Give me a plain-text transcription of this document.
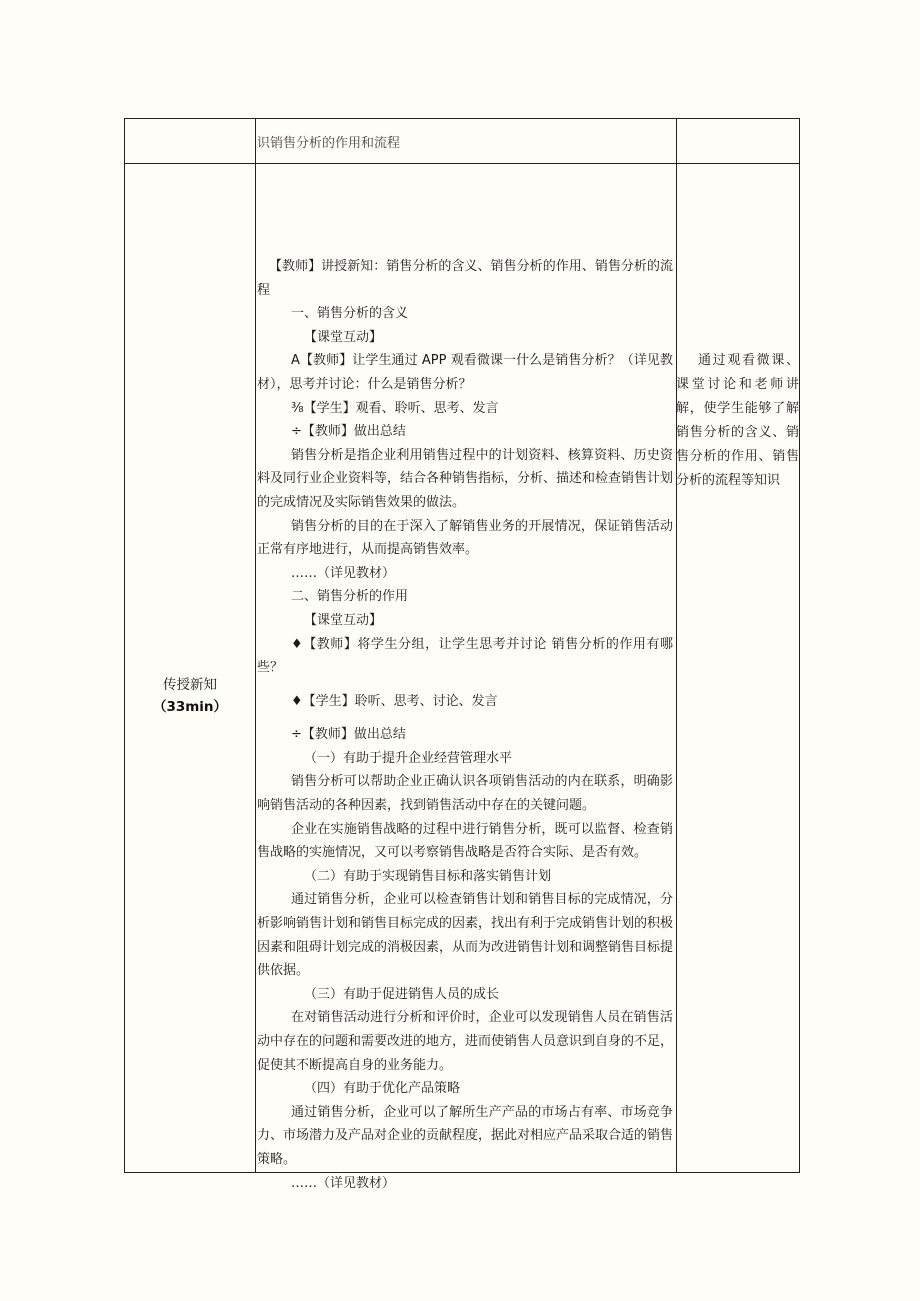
识销售分析的作用和流程
传授新知
（33min）

【教师】讲授新知：销售分析的含义、销售分析的作用、销售分析的流程

一、销售分析的含义

【课堂互动】

A【教师】让学生通过 APP 观看微课一什么是销售分析？（详见教材），思考并讨论：什么是销售分析？

⅜【学生】观看、聆听、思考、发言

÷【教师】做出总结

销售分析是指企业利用销售过程中的计划资料、核算资料、历史资料及同行业企业资料等，结合各种销售指标，分析、描述和检查销售计划的完成情况及实际销售效果的做法。

销售分析的目的在于深入了解销售业务的开展情况，保证销售活动正常有序地进行，从而提高销售效率。

……（详见教材）

二、销售分析的作用

【课堂互动】

♦【教师】将学生分组，让学生思考并讨论 销售分析的作用有哪些？

♦【学生】聆听、思考、讨论、发言

÷【教师】做出总结

（一）有助于提升企业经营管理水平

销售分析可以帮助企业正确认识各项销售活动的内在联系，明确影响销售活动的各种因素，找到销售活动中存在的关键问题。

企业在实施销售战略的过程中进行销售分析，既可以监督、检查销售战略的实施情况，又可以考察销售战略是否符合实际、是否有效。

（二）有助于实现销售目标和落实销售计划

通过销售分析，企业可以检查销售计划和销售目标的完成情况，分析影响销售计划和销售目标完成的因素，找出有利于完成销售计划的积极因素和阻碍计划完成的消极因素，从而为改进销售计划和调整销售目标提供依据。

（三）有助于促进销售人员的成长

在对销售活动进行分析和评价时，企业可以发现销售人员在销售活动中存在的问题和需要改进的地方，进而使销售人员意识到自身的不足，促使其不断提高自身的业务能力。

（四）有助于优化产品策略

通过销售分析，企业可以了解所生产产品的市场占有率、市场竞争力、市场潜力及产品对企业的贡献程度，据此对相应产品采取合适的销售策略。

……（详见教材）

通过观看微课、课堂讨论和老师讲解，使学生能够了解销售分析的含义、销售分析的作用、销售分析的流程等知识
